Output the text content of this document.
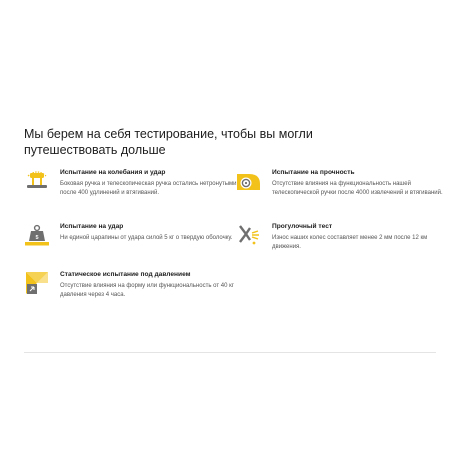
Мы берем на себя тестирование, чтобы вы могли путешествовать дольше
Испытание на колебания и удар
Боковая ручка и телескопическая ручка остались нетронутыми после 400 удлинений и втягиваний.
Испытание на прочность
Отсутствие влияния на функциональность нашей телескопической ручки после 4000 извлечений и втягиваний.
5
Испытание на удар
Ни единой царапины от удара силой 5 кг о твердую оболочку.
Прогулочный тест
Износ наших колес составляет менее 2 мм после 12 км движения.
Статическое испытание под давлением
Отсутствие влияния на форму или функциональность от 40 кг давления через 4 часа.
